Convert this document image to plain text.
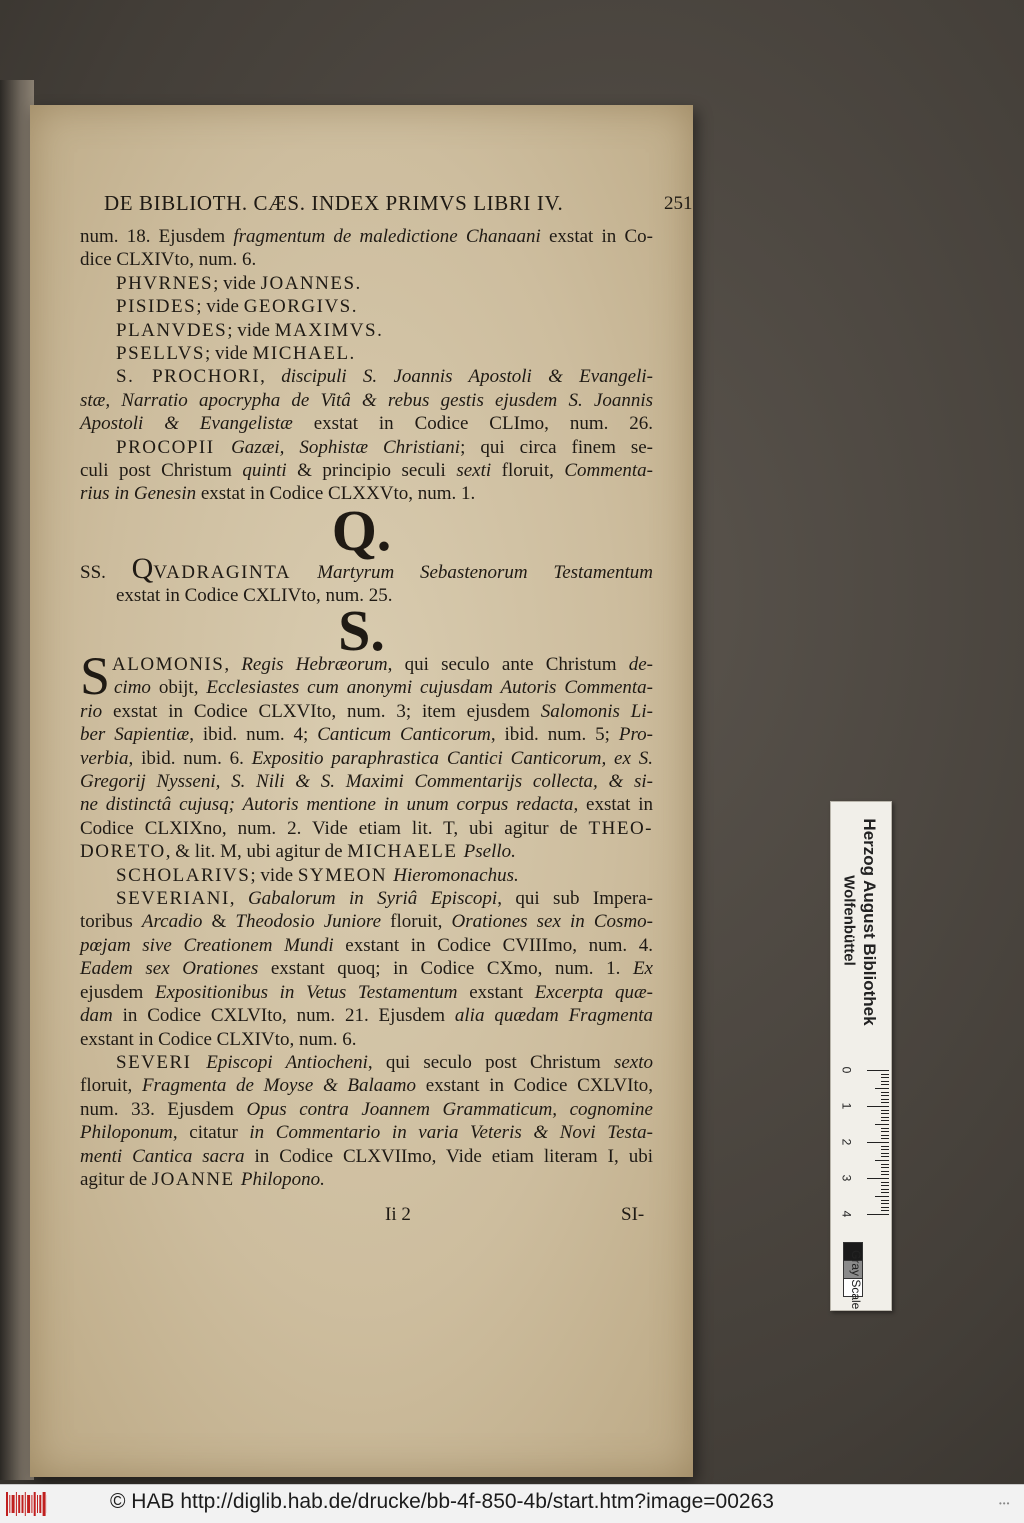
DE BIBLIOTH. CÆS. INDEX PRIMVS LIBRI IV.	251
num. 18. Ejusdem fragmentum de maledictione Chanaani exstat in Co-
dice CLXIVto, num. 6.
PHVRNES; vide JOANNES.
PISIDES; vide GEORGIVS.
PLANVDES; vide MAXIMVS.
PSELLVS; vide MICHAEL.
S. PROCHORI, discipuli S. Joannis Apostoli & Evangeli-
stæ, Narratio apocrypha de Vitâ & rebus gestis ejusdem S. Joannis
Apostoli & Evangelistæ exstat in Codice CLImo, num. 26.
PROCOPII Gazæi, Sophistæ Christiani; qui circa finem se-
culi post Christum quinti & principio seculi sexti floruit, Commenta-
rius in Genesin exstat in Codice CLXXVto, num. 1.
Q.
SS. QVADRAGINTA Martyrum Sebastenorum Testamentum
exstat in Codice CXLIVto, num. 25.
S.
SALOMONIS, Regis Hebræorum, qui seculo ante Christum de-
cimo obijt, Ecclesiastes cum anonymi cujusdam Autoris Commenta-
rio exstat in Codice CLXVIto, num. 3; item ejusdem Salomonis Li-
ber Sapientiæ, ibid. num. 4; Canticum Canticorum, ibid. num. 5; Pro-
verbia, ibid. num. 6. Expositio paraphrastica Cantici Canticorum, ex S.
Gregorij Nysseni, S. Nili & S. Maximi Commentarijs collecta, & si-
ne distinctâ cujusq; Autoris mentione in unum corpus redacta, exstat in
Codice CLXIXno, num. 2. Vide etiam lit. T, ubi agitur de THEO-
DORETO, & lit. M, ubi agitur de MICHAELE Psello.
SCHOLARIVS; vide SYMEON Hieromonachus.
SEVERIANI, Gabalorum in Syriâ Episcopi, qui sub Impera-
toribus Arcadio & Theodosio Juniore floruit, Orationes sex in Cosmo-
pœjam sive Creationem Mundi exstant in Codice CVIIImo, num. 4.
Eadem sex Orationes exstant quoq; in Codice CXmo, num. 1. Ex
ejusdem Expositionibus in Vetus Testamentum exstant Excerpta quæ-
dam in Codice CXLVIto, num. 21. Ejusdem alia quædam Fragmenta
exstant in Codice CLXIVto, num. 6.
SEVERI Episcopi Antiocheni, qui seculo post Christum sexto
floruit, Fragmenta de Moyse & Balaamo exstant in Codice CXLVIto,
num. 33. Ejusdem Opus contra Joannem Grammaticum, cognomine
Philoponum, citatur in Commentario in varia Veteris & Novi Testa-
menti Cantica sacra in Codice CLXVIImo, Vide etiam literam I, ubi
agitur de JOANNE Philopono.
Ii 2	SI-
Herzog August Bibliothek
Wolfenbüttel
0
1
2
3
4
Gray Scale
© HAB http://diglib.hab.de/drucke/bb-4f-850-4b/start.htm?image=00263	•••
